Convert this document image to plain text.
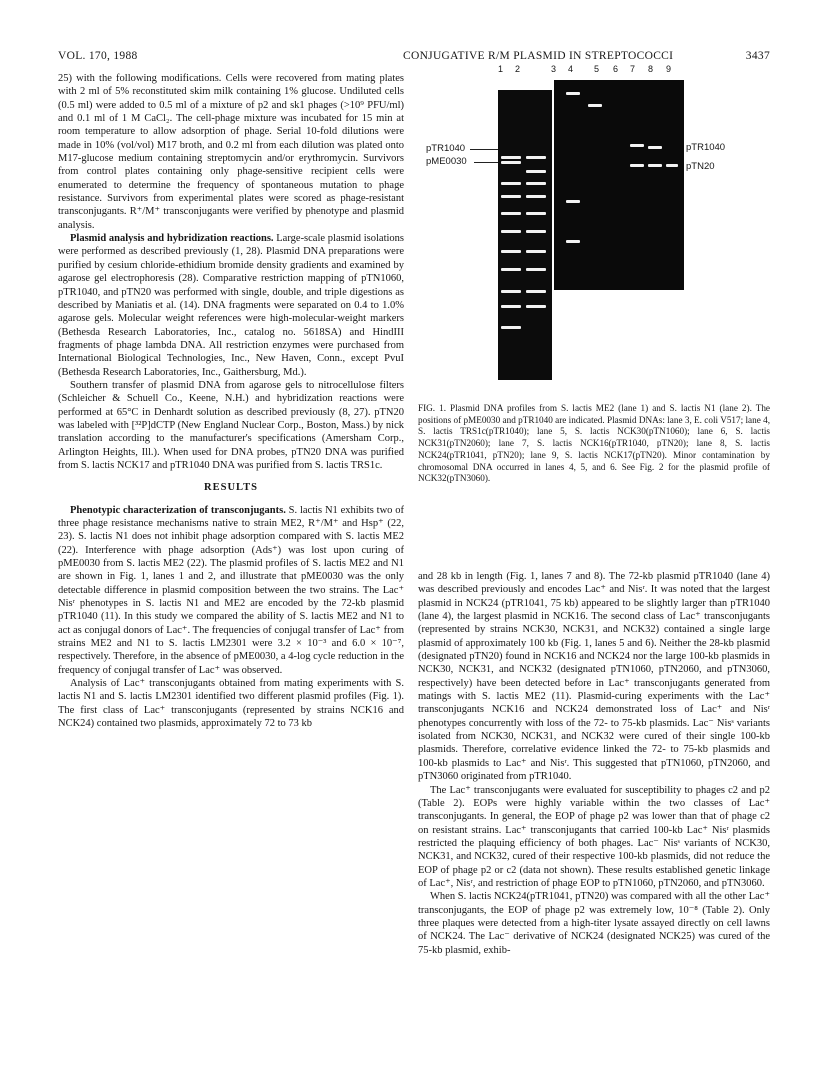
VOL. 170, 1988	CONJUGATIVE R/M PLASMID IN STREPTOCOCCI	3437

25) with the following modifications. Cells were recovered from mating plates with 2 ml of 5% reconstituted skim milk containing 1% glucose. Undiluted cells (0.5 ml) were added to 0.5 ml of a mixture of p2 and sk1 phages (>10⁹ PFU/ml) and 0.1 ml of 1 M CaCl₂. The cell-phage mixture was incubated for 15 min at room temperature to allow adsorption of phage. Serial 10-fold dilutions were made in 10% (vol/vol) M17 broth, and 0.2 ml from each dilution was plated onto M17-glucose medium containing streptomycin and/or erythromycin. Survivors from control plates containing only phage-sensitive recipient cells were enumerated to determine the frequency of spontaneous mutation to phage resistance. Survivors from experimental plates were scored as phage-resistant transconjugants. R⁺/M⁺ transconjugants were verified by phenotype and plasmid analysis.

Plasmid analysis and hybridization reactions. Large-scale plasmid isolations were performed as described previously (1, 28). Plasmid DNA preparations were purified by cesium chloride-ethidium bromide density gradients and examined by agarose gel electrophoresis (28). Comparative restriction mapping of pTN1060, pTR1040, and pTN20 was performed with single, double, and triple digestions as described by Maniatis et al. (14). DNA fragments were separated on 0.4 to 1.0% agarose gels. Molecular weight references were high-molecular-weight markers (Bethesda Research Laboratories, Inc., catalog no. 5618SA) and HindIII fragments of phage lambda DNA. All restriction enzymes were purchased from International Biological Technologies, Inc., New Haven, Conn., except PvuI (Bethesda Research Laboratories, Inc., Gaithersburg, Md.).

Southern transfer of plasmid DNA from agarose gels to nitrocellulose filters (Schleicher & Schuell Co., Keene, N.H.) and hybridization reactions were performed at 65°C in Denhardt solution as described previously (8, 27). pTN20 was labeled with [³²P]dCTP (New England Nuclear Corp., Boston, Mass.) by nick translation according to the manufacturer's specifications (Amersham Corp., Arlington Heights, Ill.). When used for DNA probes, pTN20 DNA was purified from S. lactis NCK17 and pTR1040 DNA was purified from S. lactis TRS1c.

RESULTS

Phenotypic characterization of transconjugants. S. lactis N1 exhibits two of three phage resistance mechanisms native to strain ME2, R⁺/M⁺ and Hsp⁺ (22, 23). S. lactis N1 does not inhibit phage adsorption compared with S. lactis ME2 (22). Interference with phage adsorption (Ads⁺) was lost upon curing of pME0030 from S. lactis ME2 (22). The plasmid profiles of S. lactis ME2 and N1 are shown in Fig. 1, lanes 1 and 2, and illustrate that pME0030 was the only detectable difference in plasmid composition between the two strains. The Lac⁺ Nisʳ phenotypes in S. lactis N1 and ME2 are encoded by the 72-kb plasmid pTR1040 (11). In this study we compared the ability of S. lactis ME2 and N1 to act as conjugal donors of Lac⁺. The frequencies of conjugal transfer of Lac⁺ from strains ME2 and N1 to S. lactis LM2301 were 3.2 × 10⁻³ and 6.0 × 10⁻⁷, respectively. Therefore, in the absence of pME0030, a 4-log cycle reduction in the frequency of conjugal transfer of Lac⁺ was observed.

Analysis of Lac⁺ transconjugants obtained from mating experiments with S. lactis N1 and S. lactis LM2301 identified two different plasmid profiles (Fig. 1). The first class of Lac⁺ transconjugants (represented by strains NCK16 and NCK24) contained two plasmids, approximately 72 to 73 kb

1 2	3 4 5 6 7 8 9
pTR1040
pME0030
pTR1040
pTN20
FIG. 1. Plasmid DNA profiles from S. lactis ME2 (lane 1) and S. lactis N1 (lane 2). The positions of pME0030 and pTR1040 are indicated. Plasmid DNAs: lane 3, E. coli V517; lane 4, S. lactis TRS1c(pTR1040); lane 5, S. lactis NCK30(pTN1060); lane 6, S. lactis NCK31(pTN2060); lane 7, S. lactis NCK16(pTR1040, pTN20); lane 8, S. lactis NCK24(pTR1041, pTN20); lane 9, S. lactis NCK17(pTN20). Minor contamination by chromosomal DNA occurred in lanes 4, 5, and 6. See Fig. 2 for the plasmid profile of NCK32(pTN3060).

and 28 kb in length (Fig. 1, lanes 7 and 8). The 72-kb plasmid pTR1040 (lane 4) was described previously and encodes Lac⁺ and Nisʳ. It was noted that the largest plasmid in NCK24 (pTR1041, 75 kb) appeared to be slightly larger than pTR1040 (lane 4), the largest plasmid in NCK16. The second class of Lac⁺ transconjugants (represented by strains NCK30, NCK31, and NCK32) contained a single large plasmid of approximately 100 kb (Fig. 1, lanes 5 and 6). Neither the 28-kb plasmid (designated pTN20) found in NCK16 and NCK24 nor the large 100-kb plasmids in NCK30, NCK31, and NCK32 (designated pTN1060, pTN2060, and pTN3060, respectively) have been detected before in Lac⁺ transconjugants generated from matings with S. lactis ME2 (11). Plasmid-curing experiments with the Lac⁺ transconjugants NCK16 and NCK24 demonstrated loss of Lac⁺ and Nisʳ phenotypes concurrently with loss of the 72- to 75-kb plasmids. Lac⁻ Nisˢ variants isolated from NCK30, NCK31, and NCK32 were cured of their single 100-kb plasmids. Therefore, correlative evidence linked the 72- to 75-kb plasmids and 100-kb plasmids to Lac⁺ and Nisʳ. This suggested that pTN1060, pTN2060, and pTN3060 originated from pTR1040.

The Lac⁺ transconjugants were evaluated for susceptibility to phages c2 and p2 (Table 2). EOPs were highly variable within the two classes of Lac⁺ transconjugants. In general, the EOP of phage p2 was lower than that of phage c2 on resistant strains. Lac⁺ transconjugants that carried 100-kb Lac⁺ Nisʳ plasmids restricted the plaquing efficiency of both phages. Lac⁻ Nisˢ variants of NCK30, NCK31, and NCK32, cured of their respective 100-kb plasmids, did not reduce the EOP of phage p2 or c2 (data not shown). These results established genetic linkage of Lac⁺, Nisʳ, and restriction of phage EOP to pTN1060, pTN2060, and pTN3060.

When S. lactis NCK24(pTR1041, pTN20) was compared with all the other Lac⁺ transconjugants, the EOP of phage p2 was extremely low, 10⁻⁸ (Table 2). Only three plaques were detected from a high-titer lysate assayed directly on cell lawns of NCK24. The Lac⁻ derivative of NCK24 (designated NCK25) was cured of the 75-kb plasmid, exhib-
